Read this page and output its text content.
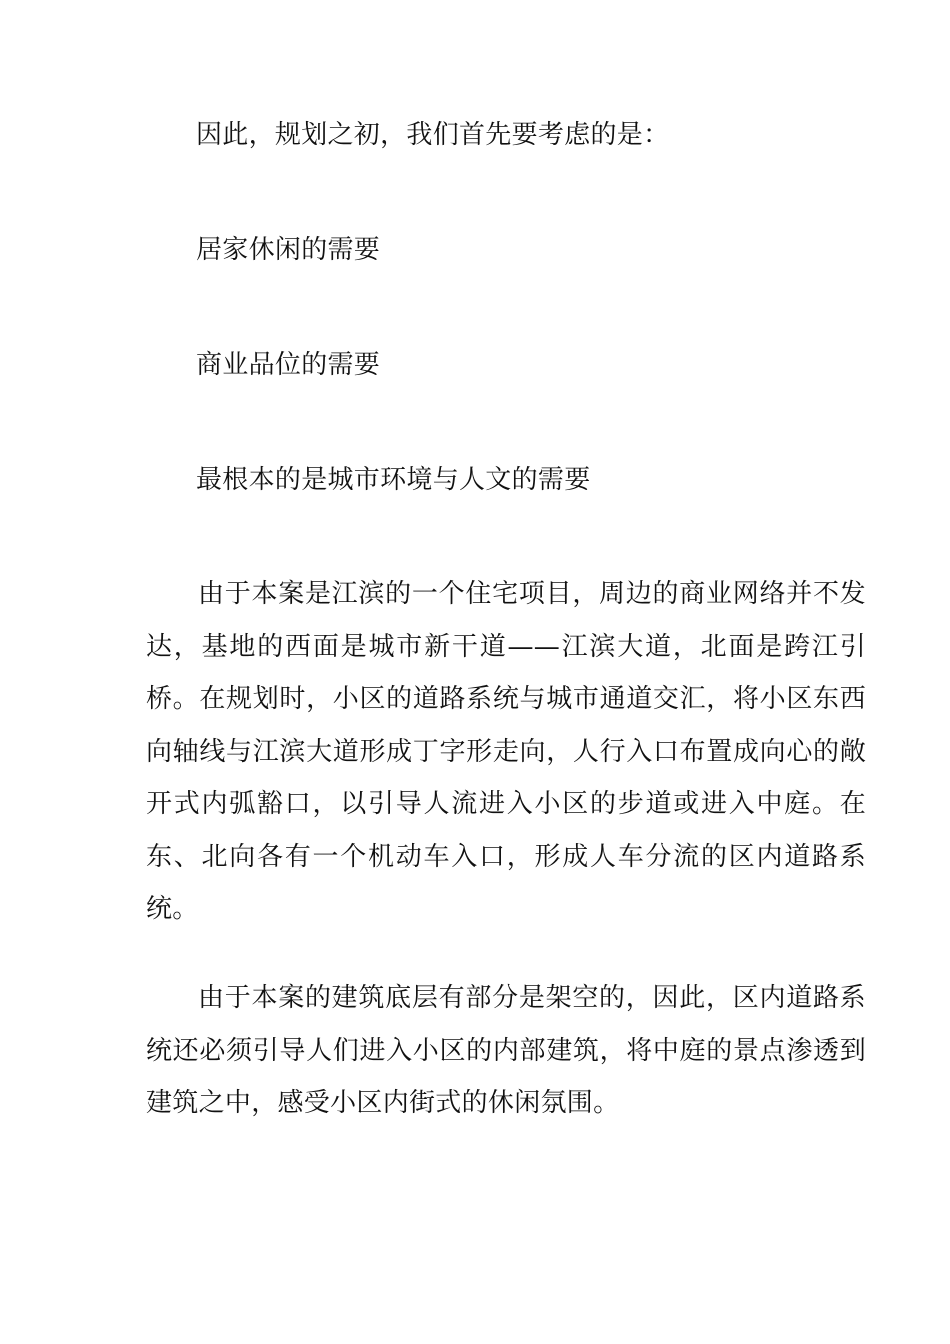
因此，规划之初，我们首先要考虑的是：

居家休闲的需要

商业品位的需要

最根本的是城市环境与人文的需要

由于本案是江滨的一个住宅项目，周边的商业网络并不发达，基地的西面是城市新干道——江滨大道，北面是跨江引桥。在规划时，小区的道路系统与城市通道交汇，将小区东西向轴线与江滨大道形成丁字形走向，人行入口布置成向心的敞开式内弧豁口，以引导人流进入小区的步道或进入中庭。在东、北向各有一个机动车入口，形成人车分流的区内道路系统。

由于本案的建筑底层有部分是架空的，因此，区内道路系统还必须引导人们进入小区的内部建筑，将中庭的景点渗透到建筑之中，感受小区内街式的休闲氛围。
